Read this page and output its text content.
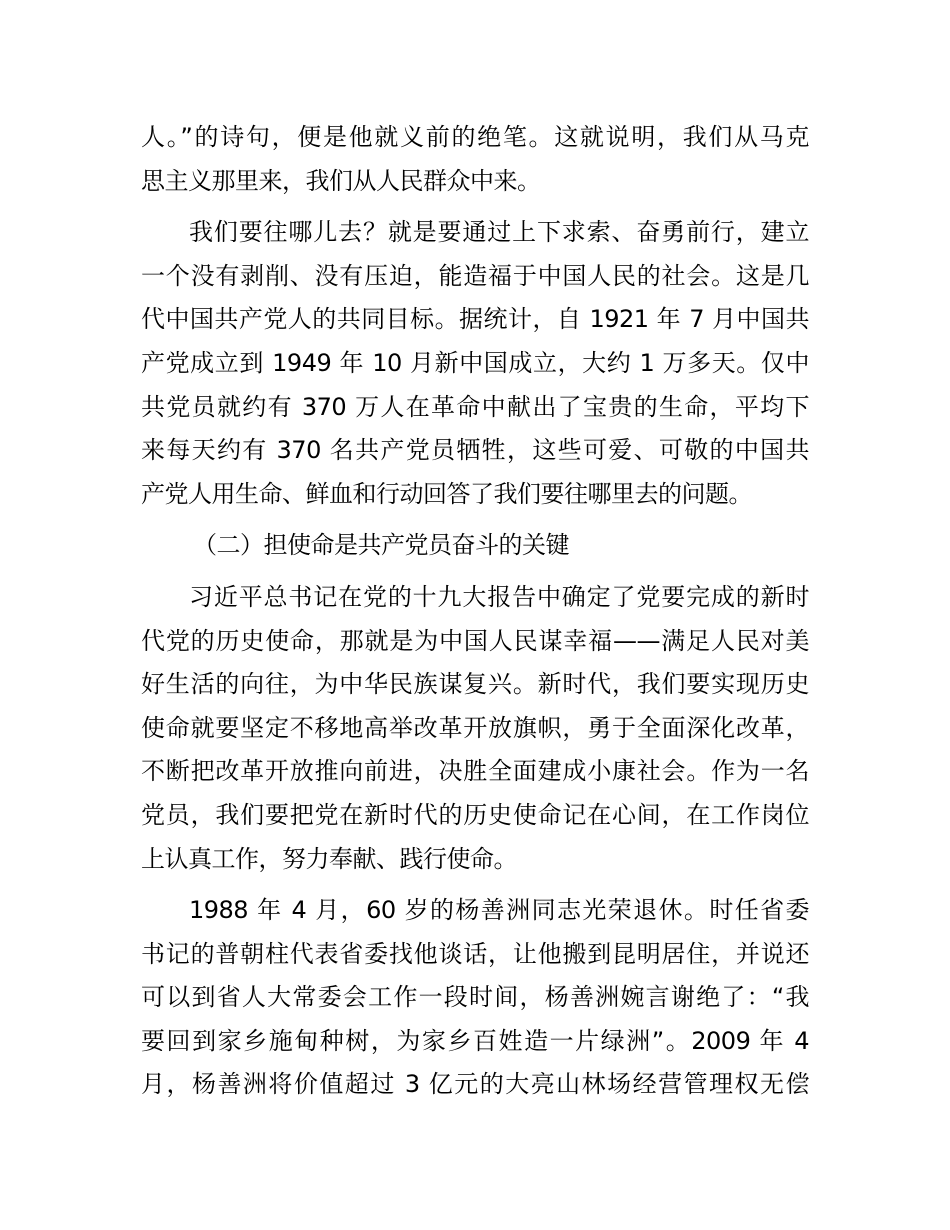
人。”的诗句，便是他就义前的绝笔。这就说明，我们从马克
思主义那里来，我们从人民群众中来。
我们要往哪儿去？就是要通过上下求索、奋勇前行，建立
一个没有剥削、没有压迫，能造福于中国人民的社会。这是几
代中国共产党人的共同目标。据统计，自 1921 年 7 月中国共
产党成立到 1949 年 10 月新中国成立，大约 1 万多天。仅中
共党员就约有 370 万人在革命中献出了宝贵的生命，平均下
来每天约有 370 名共产党员牺牲，这些可爱、可敬的中国共
产党人用生命、鲜血和行动回答了我们要往哪里去的问题。
（二）担使命是共产党员奋斗的关键
习近平总书记在党的十九大报告中确定了党要完成的新时
代党的历史使命，那就是为中国人民谋幸福——满足人民对美
好生活的向往，为中华民族谋复兴。新时代，我们要实现历史
使命就要坚定不移地高举改革开放旗帜，勇于全面深化改革，
不断把改革开放推向前进，决胜全面建成小康社会。作为一名
党员，我们要把党在新时代的历史使命记在心间，在工作岗位
上认真工作，努力奉献、践行使命。
1988 年 4 月，60 岁的杨善洲同志光荣退休。时任省委
书记的普朝柱代表省委找他谈话，让他搬到昆明居住，并说还
可以到省人大常委会工作一段时间，杨善洲婉言谢绝了：“我
要回到家乡施甸种树，为家乡百姓造一片绿洲”。2009 年 4
月，杨善洲将价值超过 3 亿元的大亮山林场经营管理权无偿
